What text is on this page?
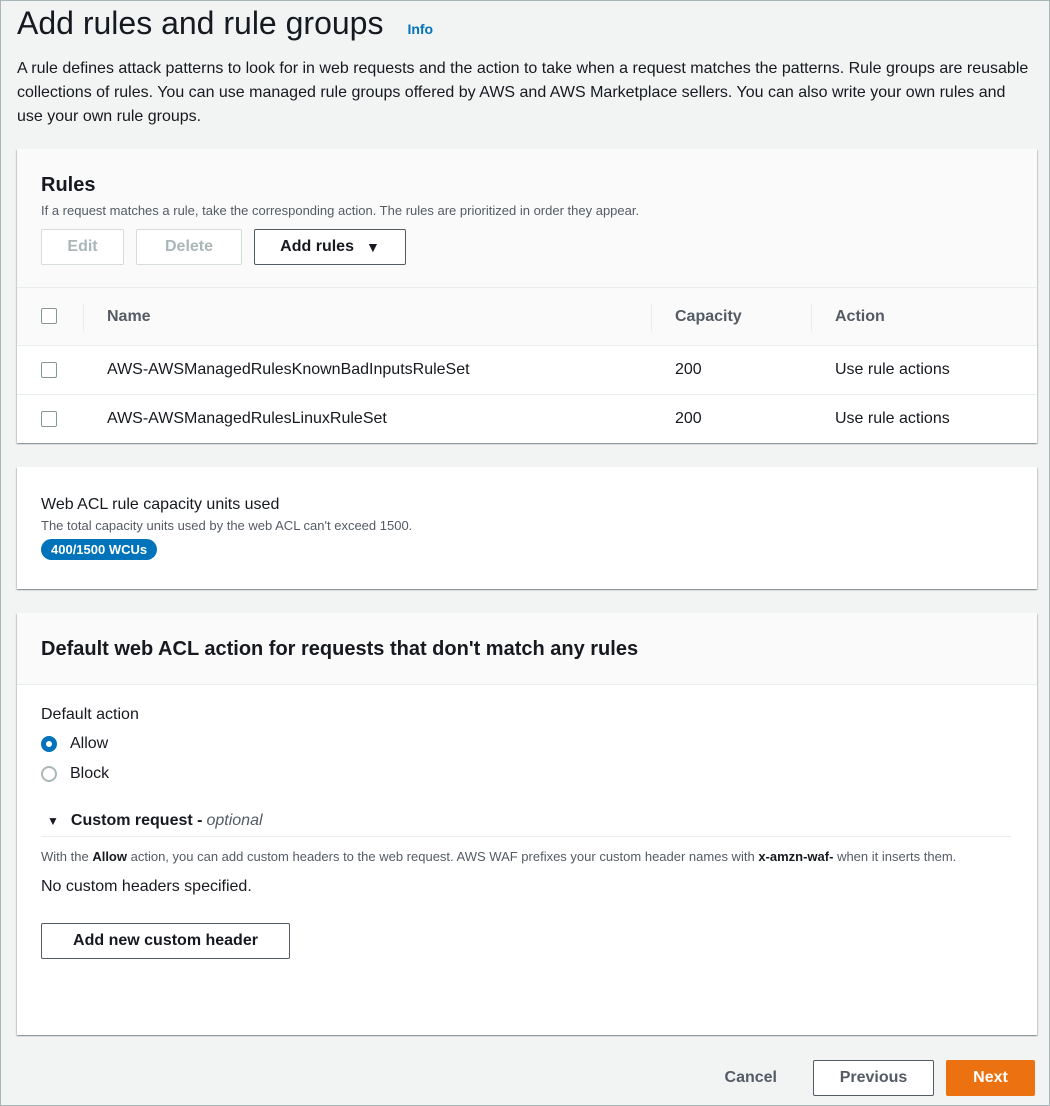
Add rules and rule groups Info

A rule defines attack patterns to look for in web requests and the action to take when a request matches the patterns. Rule groups are reusable collections of rules. You can use managed rule groups offered by AWS and AWS Marketplace sellers. You can also write your own rules and use your own rule groups.

Rules

If a request matches a rule, take the corresponding action. The rules are prioritized in order they appear.

Edit	Delete	Add rules ▼
	Name	Capacity	Action
	AWS-AWSManagedRulesKnownBadInputsRuleSet	200	Use rule actions
	AWS-AWSManagedRulesLinuxRuleSet	200	Use rule actions
Web ACL rule capacity units used
The total capacity units used by the web ACL can't exceed 1500.
400/1500 WCUs
Default web ACL action for requests that don't match any rules
Default action
Allow
Block
▼ Custom request - optional

With the Allow action, you can add custom headers to the web request. AWS WAF prefixes your custom header names with x-amzn-waf- when it inserts them.

No custom headers specified.
Add new custom header
Cancel	Previous	Next
